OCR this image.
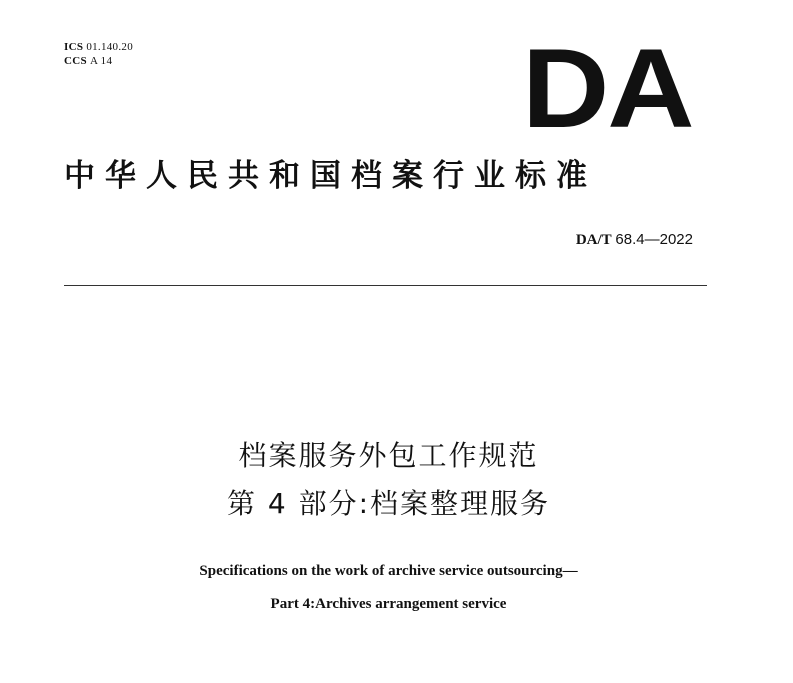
ICS 01.140.20
CCS A 14	DA
中华人民共和国档案行业标准
DA/T 68.4—2022
档案服务外包工作规范
第 4 部分:档案整理服务
Specifications on the work of archive service outsourcing—
Part 4:Archives arrangement service
